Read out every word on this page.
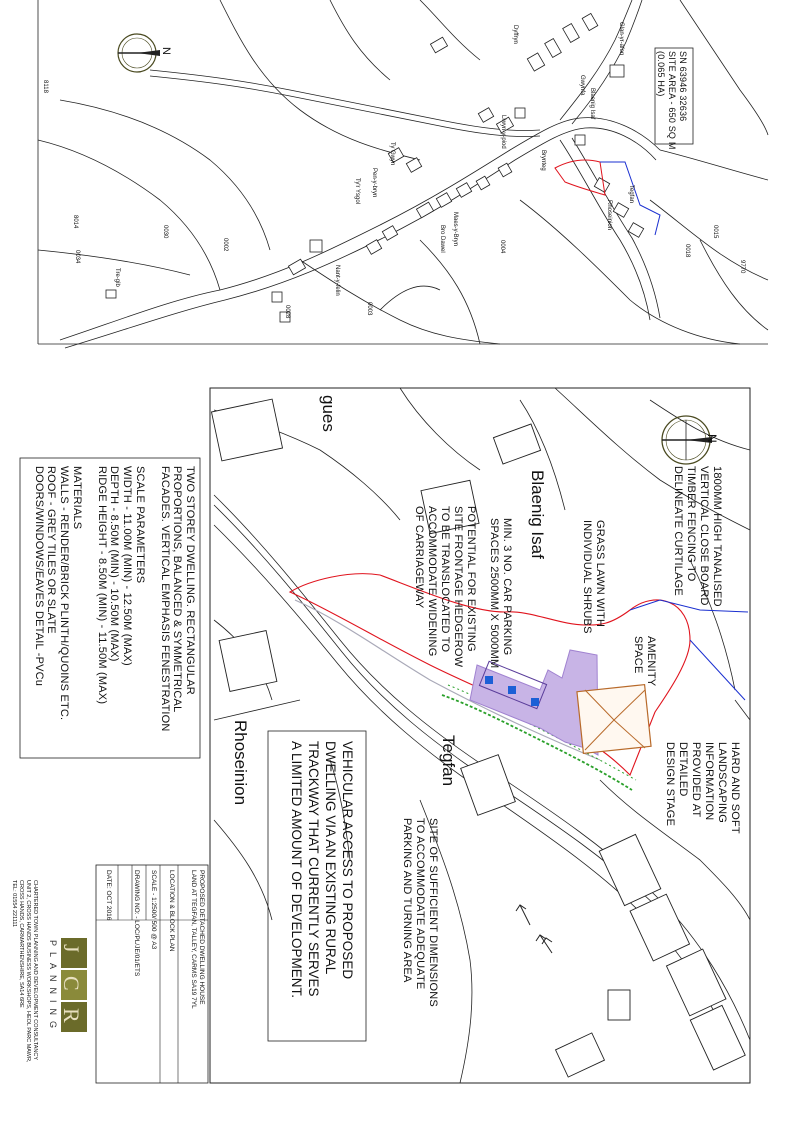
SN 63946 32636
SITE AREA - 650 SQ M
(0.065 HA)
N
Dyffryn
Brynteg
Ty Gwyn
Tegfan
Rhoseinion
Blaenig Isaf
Ty'r Ysgol
Nant-y-felin
Maes-y-Bryn
Bro Dawel
Pen-y-bryn
Tre-gib
Glan-yr-afon
Llwyn-y-piod
Gwynfa
8118
8014
0002	0004
0003
0030
0028
0034
0015
0018
9770
J
C
R
PLANNING
CHARTERED TOWN PLANNING AND DEVELOPMENT CONSULTANCY
UNIT 2, CROSS HANDS BUSINESS WORKSHOPS, HEOL PARC MAWR,
CROSS HANDS, CARMARTHENSHIRE, SA14 6RE
TEL: 01554 221111	PROPOSED DETACHED DWELLING HOUSE
LAND AT TEGFAN, TALLEY, CARMS SA19 7YL
LOCATION & BLOCK PLAN
SCALE - 1:2500/ 500 @ A3
DRAWING NO: - LOC/PL/JE/01/ETS
DATE: OCT 2016
TWO STOREY DWELLING. RECTANGULAR
PROPORTIONS, BALANCED & SYMMETRICAL
FACADES. VERTICAL EMPHASIS FENESTRATION

SCALE PARAMETERS
WIDTH - 11.00M (MIN) - 12.50M (MAX)
DEPTH - 8.50M (MIN) - 10.50M (MAX)
RIDGE HEIGHT - 8.50M (MIN) - 11.50M (MAX)

MATERIALS
WALLS - RENDER/BRICK PLINTH/QUOINS ETC.
ROOF - GREY TILES OR SLATE
DOORS/WINDOWS/EAVES DETAIL -PVCu
gues
Blaenig Isaf
Tegfan
Rhoseinion
1800MM HIGH TANALISED
VERTICAL CLOSE BOARD
TIMBER FENCING TO
DELINEATE CURTILAGE
GRASS LAWN WITH
INDIVIDUAL SHRUBS
MIN. 3 NO. CAR PARKING
SPACES 2500MM X 5000MM
POTENTIAL FOR EXISTING
SITE FRONTAGE HEDGEROW
TO BE TRANSLOCATED TO
ACCOMMODATE WIDENING
OF CARRIAGEWAY
AMENITY
SPACE
HARD AND SOFT
LANDSCAPING
INFORMATION
PROVIDED AT
DETAILED
DESIGN STAGE
SITE OF SUFFICIENT DIMENSIONS
TO ACCOMMODATE ADEQUATE
PARKING AND TURNING AREA
VEHICULAR ACCESS TO PROPOSED
DWELLING VIA AN EXISTING RURAL
TRACKWAY THAT CURRENTLY SERVES
A LIMITED AMOUNT OF DEVELOPMENT.
N
